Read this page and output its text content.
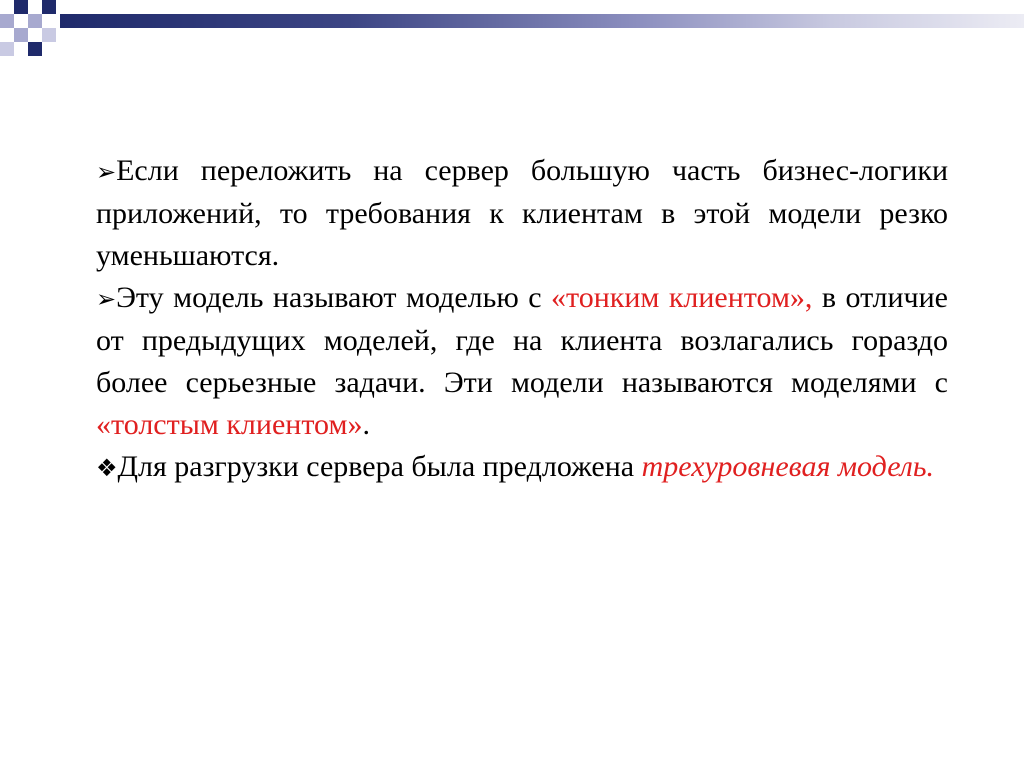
➢Если переложить на сервер большую часть бизнес-логики приложений, то требования к клиентам в этой модели резко уменьшаются.

➢Эту модель называют моделью с «тонким клиентом», в отличие от предыдущих моделей, где на клиента возлагались гораздо более серьезные задачи. Эти модели называются моделями с «толстым клиентом».

❖Для разгрузки сервера была предложена трехуровневая модель.
